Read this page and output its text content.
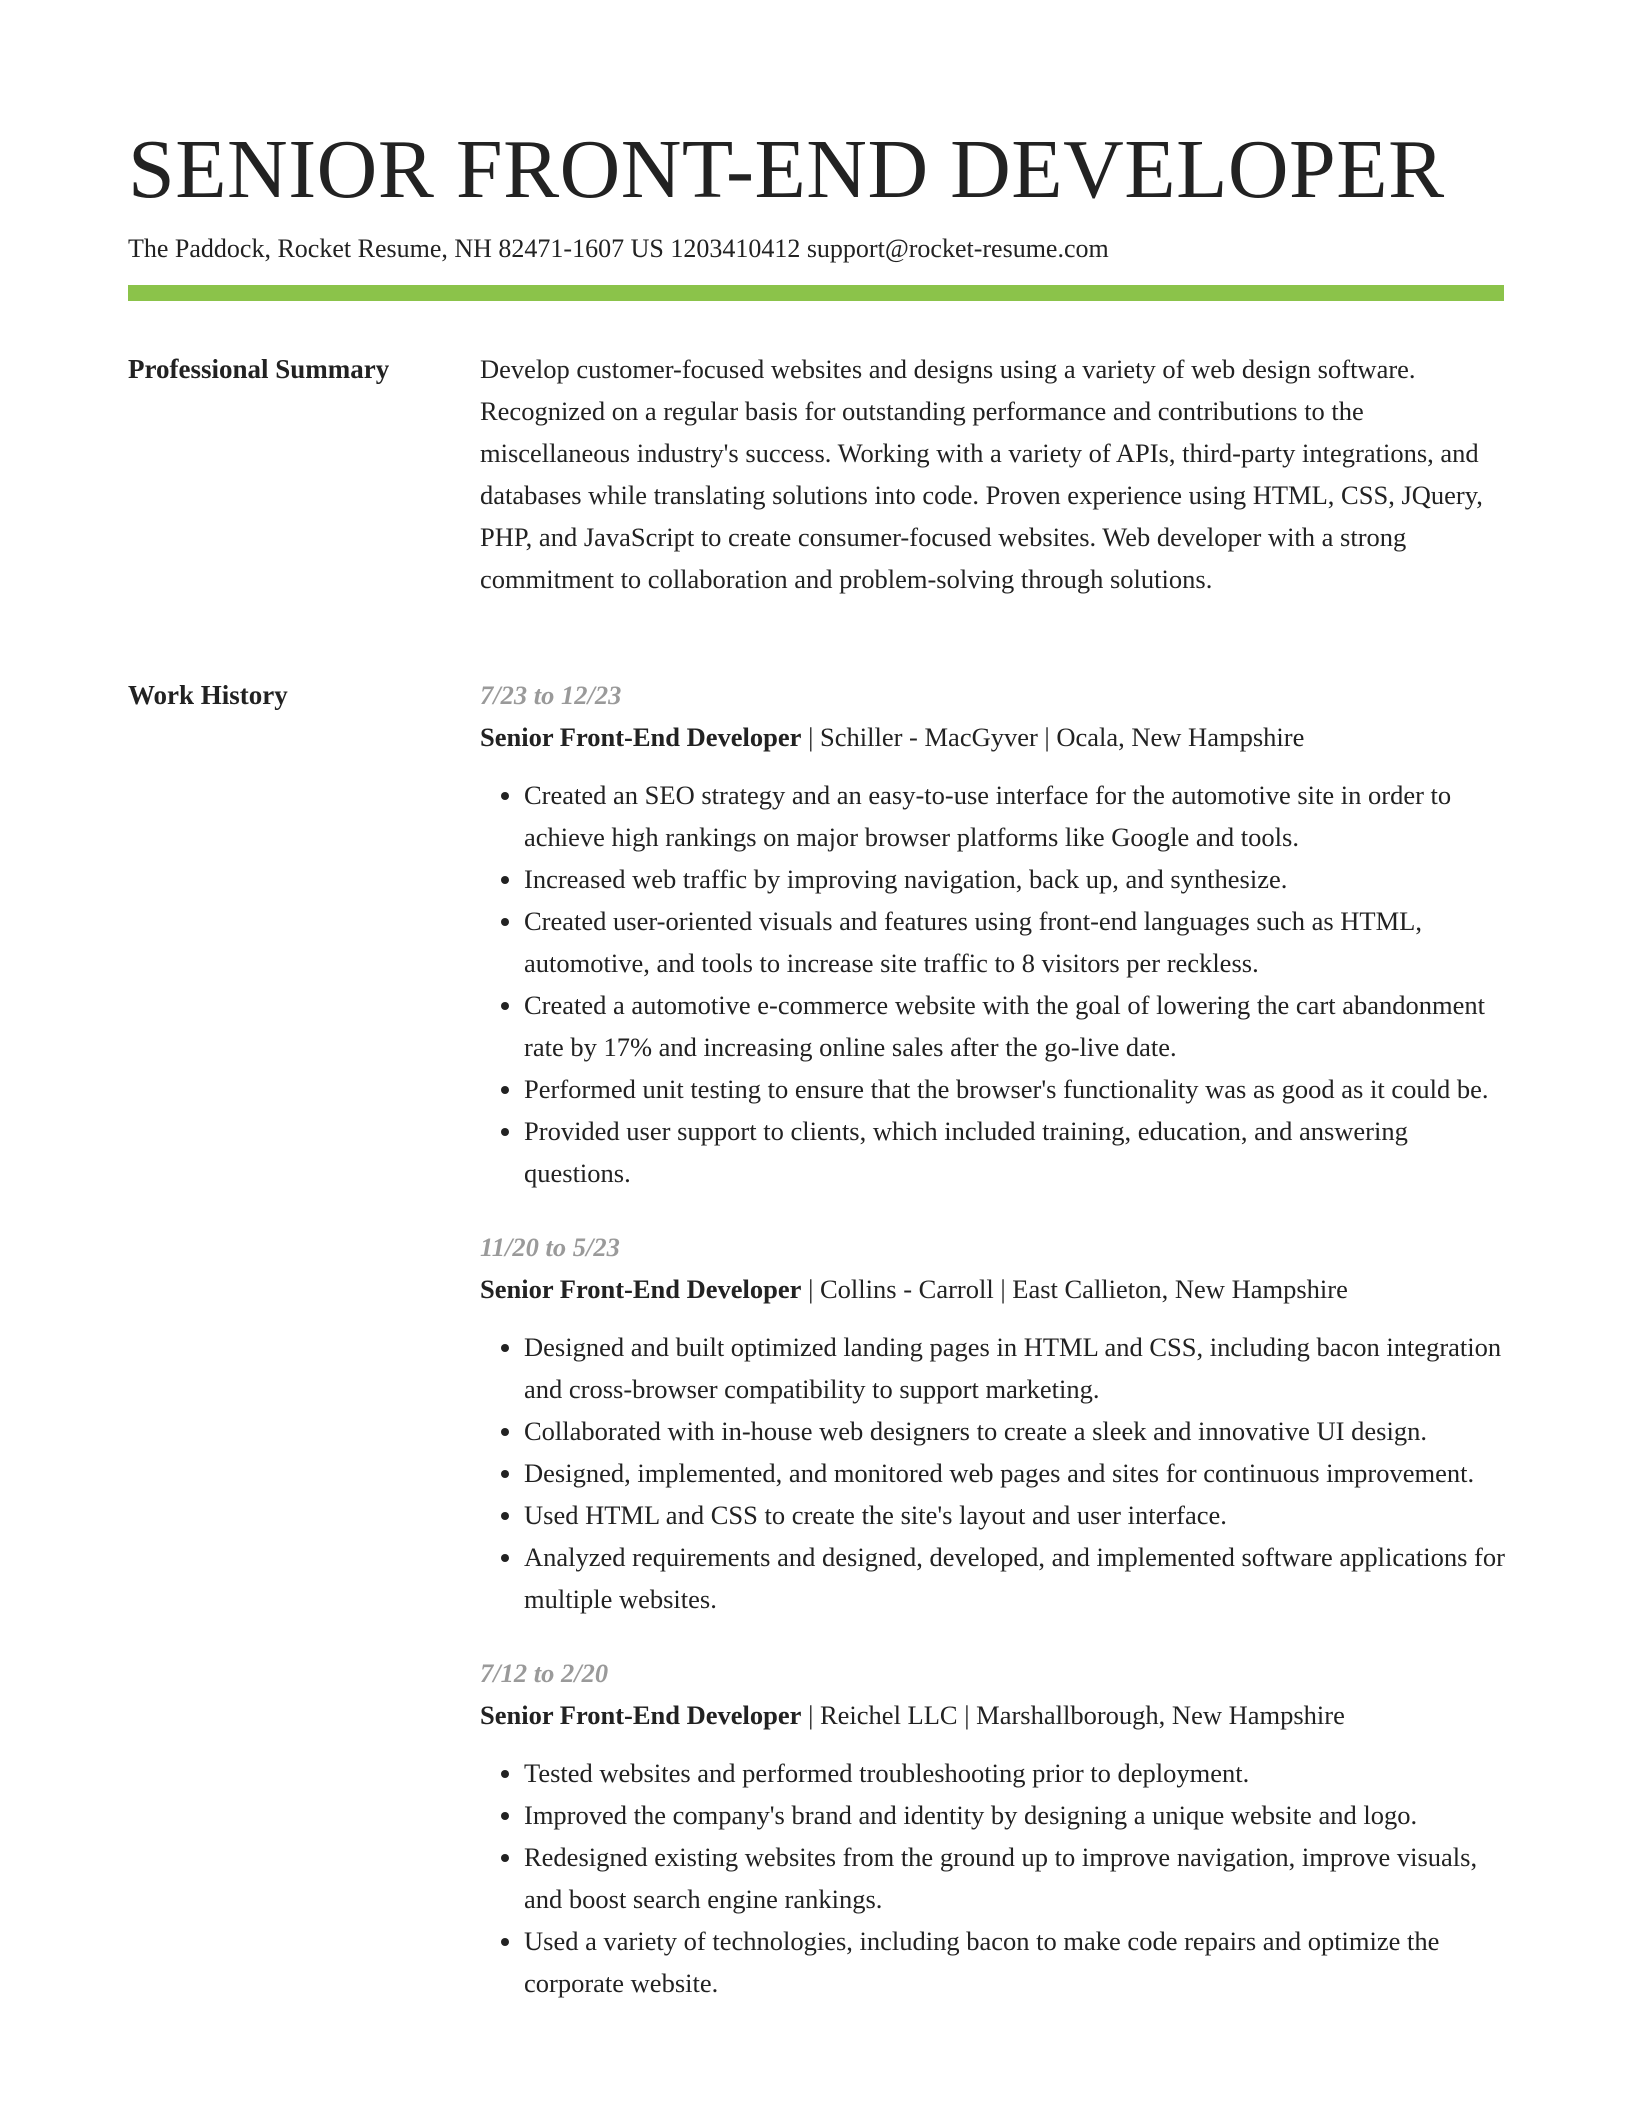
SENIOR FRONT-END DEVELOPER
The Paddock, Rocket Resume, NH 82471-1607 US 1203410412 support@rocket-resume.com
Professional Summary	Develop customer-focused websites and designs using a variety of web design software. Recognized on a regular basis for outstanding performance and contributions to the miscellaneous industry's success. Working with a variety of APIs, third-party integrations, and databases while translating solutions into code. Proven experience using HTML, CSS, JQuery, PHP, and JavaScript to create consumer-focused websites. Web developer with a strong commitment to collaboration and problem-solving through solutions.

Work History	7/23 to 12/23
Senior Front-End Developer | Schiller - MacGyver | Ocala, New Hampshire
• Created an SEO strategy and an easy-to-use interface for the automotive site in order to achieve high rankings on major browser platforms like Google and tools.
• Increased web traffic by improving navigation, back up, and synthesize.
• Created user-oriented visuals and features using front-end languages such as HTML, automotive, and tools to increase site traffic to 8 visitors per reckless.
• Created a automotive e-commerce website with the goal of lowering the cart abandonment rate by 17% and increasing online sales after the go-live date.
• Performed unit testing to ensure that the browser's functionality was as good as it could be.
• Provided user support to clients, which included training, education, and answering questions.
11/20 to 5/23
Senior Front-End Developer | Collins - Carroll | East Callieton, New Hampshire
• Designed and built optimized landing pages in HTML and CSS, including bacon integration and cross-browser compatibility to support marketing.
• Collaborated with in-house web designers to create a sleek and innovative UI design.
• Designed, implemented, and monitored web pages and sites for continuous improvement.
• Used HTML and CSS to create the site's layout and user interface.
• Analyzed requirements and designed, developed, and implemented software applications for multiple websites.
7/12 to 2/20
Senior Front-End Developer | Reichel LLC | Marshallborough, New Hampshire
• Tested websites and performed troubleshooting prior to deployment.
• Improved the company's brand and identity by designing a unique website and logo.
• Redesigned existing websites from the ground up to improve navigation, improve visuals, and boost search engine rankings.
• Used a variety of technologies, including bacon to make code repairs and optimize the corporate website.
